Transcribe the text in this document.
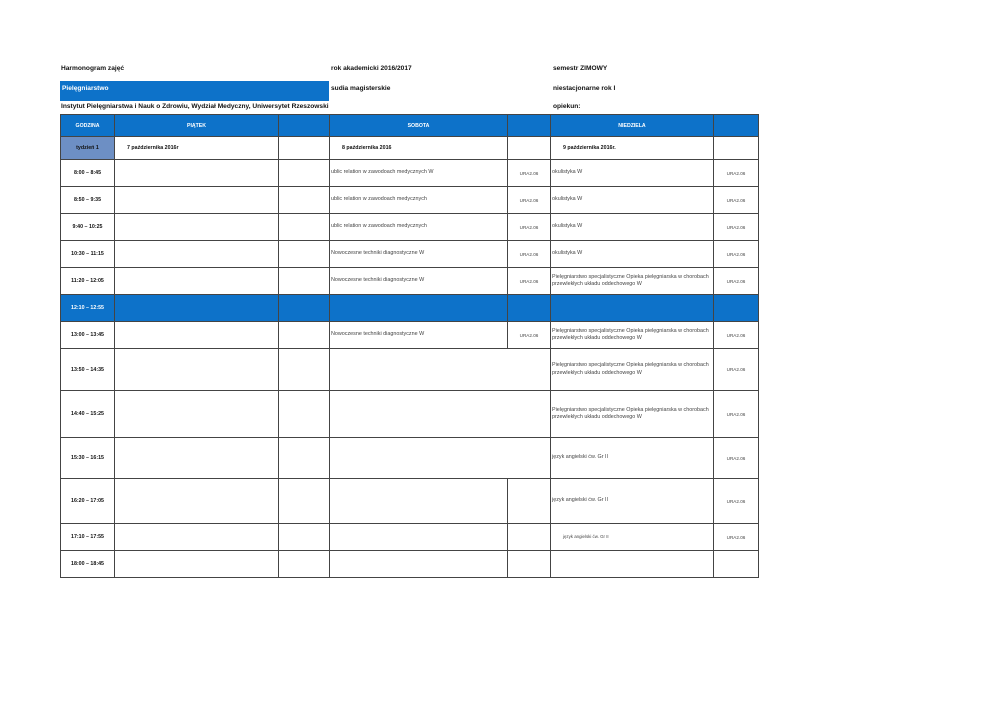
Harmonogram zajęć	rok akademicki 2016/2017	semestr ZIMOWY
Pielęgniarstwo	sudia magisterskie	niestacjonarne rok I
Instytut Pielęgniarstwa i Nauk o Zdrowiu, Wydział Medyczny, Uniwersytet Rzeszowski	opiekun:
GODZINA	PIĄTEK		SOBOTA		NIEDZIELA	
tydzień 1	7 października 2016r		8 października 2016		9 października 2016r.	
8:00 – 8:45			ublic relation w zawodoach medycznych W	URA2.06	okulistyka W	URA2.06
8:50 – 9:35			ublic relation w zawodoach medycznych	URA2.06	okulistyka W	URA2.06
9:40 – 10:25			ublic relation w zawodoach medycznych	URA2.06	okulistyka W	URA2.06
10:30 – 11:15			Nowoczesne techniki diagnostyczne W	URA2.06	okulistyka W	URA2.06
11:20 – 12:05			Nowoczesne techniki diagnostyczne W	URA2.06	Pielęgniarstwo specjalistyczne Opieka pielęgniarska w chorobach przewlekłych układu oddechowego W	URA2.06
12:10 – 12:55						
13:00 – 13:45			Nowoczesne techniki diagnostyczne W	URA2.06	Pielęgniarstwo specjalistyczne Opieka pielęgniarska w chorobach przewlekłych układu oddechowego W	URA2.06
13:50 – 14:35					Pielęgniarstwo specjalistyczne Opieka pielęgniarska w chorobach przewlekłych układu oddechowego W	URA2.06
14:40 – 15:25					Pielęgniarstwo specjalistyczne Opieka pielęgniarska w chorobach przewlekłych układu oddechowego W	URA2.06
15:30 – 16:15					język angielski ćw. Gr II	URA2.06
16:20 – 17:05					język angielski ćw. Gr II	URA2.06
17:10 – 17:55					język angielski ćw. Gr II	URA2.06
18:00 – 18:45						
